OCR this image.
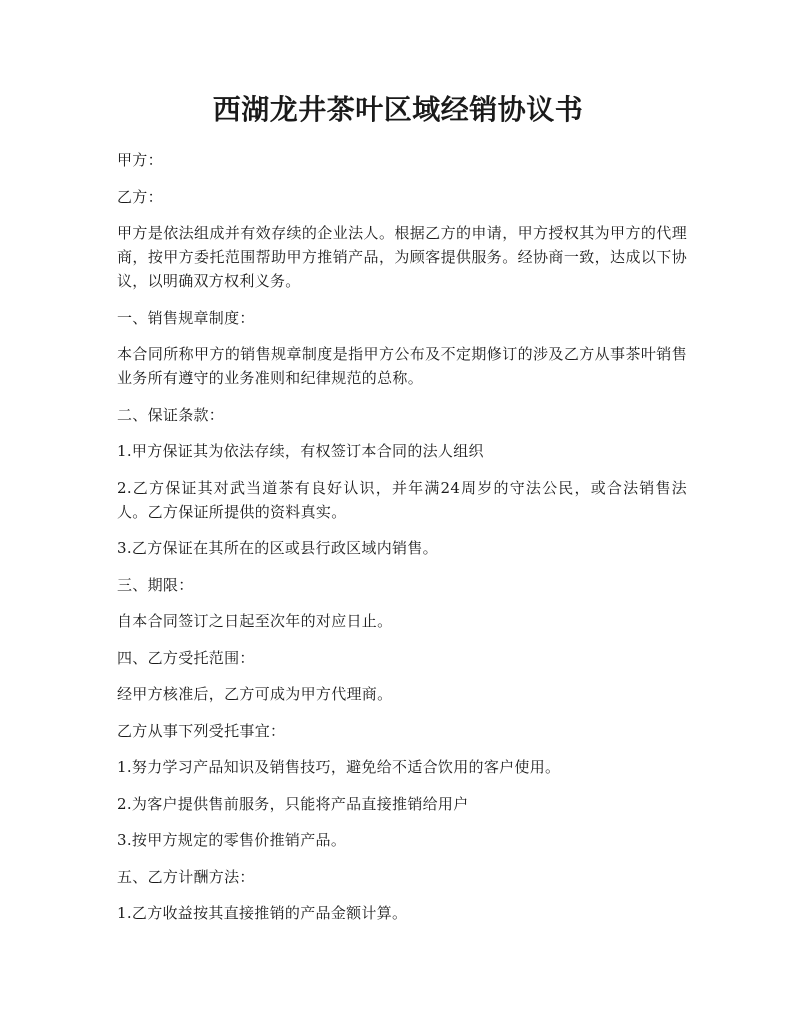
西湖龙井茶叶区域经销协议书

甲方：

乙方：

甲方是依法组成并有效存续的企业法人。根据乙方的申请，甲方授权其为甲方的代理商，按甲方委托范围帮助甲方推销产品，为顾客提供服务。经协商一致，达成以下协议，以明确双方权利义务。

一、销售规章制度：

本合同所称甲方的销售规章制度是指甲方公布及不定期修订的涉及乙方从事茶叶销售业务所有遵守的业务准则和纪律规范的总称。

二、保证条款：

1.甲方保证其为依法存续，有权签订本合同的法人组织

2.乙方保证其对武当道茶有良好认识，并年满24周岁的守法公民，或合法销售法人。乙方保证所提供的资料真实。

3.乙方保证在其所在的区或县行政区域内销售。

三、期限：

自本合同签订之日起至次年的对应日止。

四、乙方受托范围：

经甲方核准后，乙方可成为甲方代理商。

乙方从事下列受托事宜：

1.努力学习产品知识及销售技巧，避免给不适合饮用的客户使用。

2.为客户提供售前服务，只能将产品直接推销给用户

3.按甲方规定的零售价推销产品。

五、乙方计酬方法：

1.乙方收益按其直接推销的产品金额计算。
